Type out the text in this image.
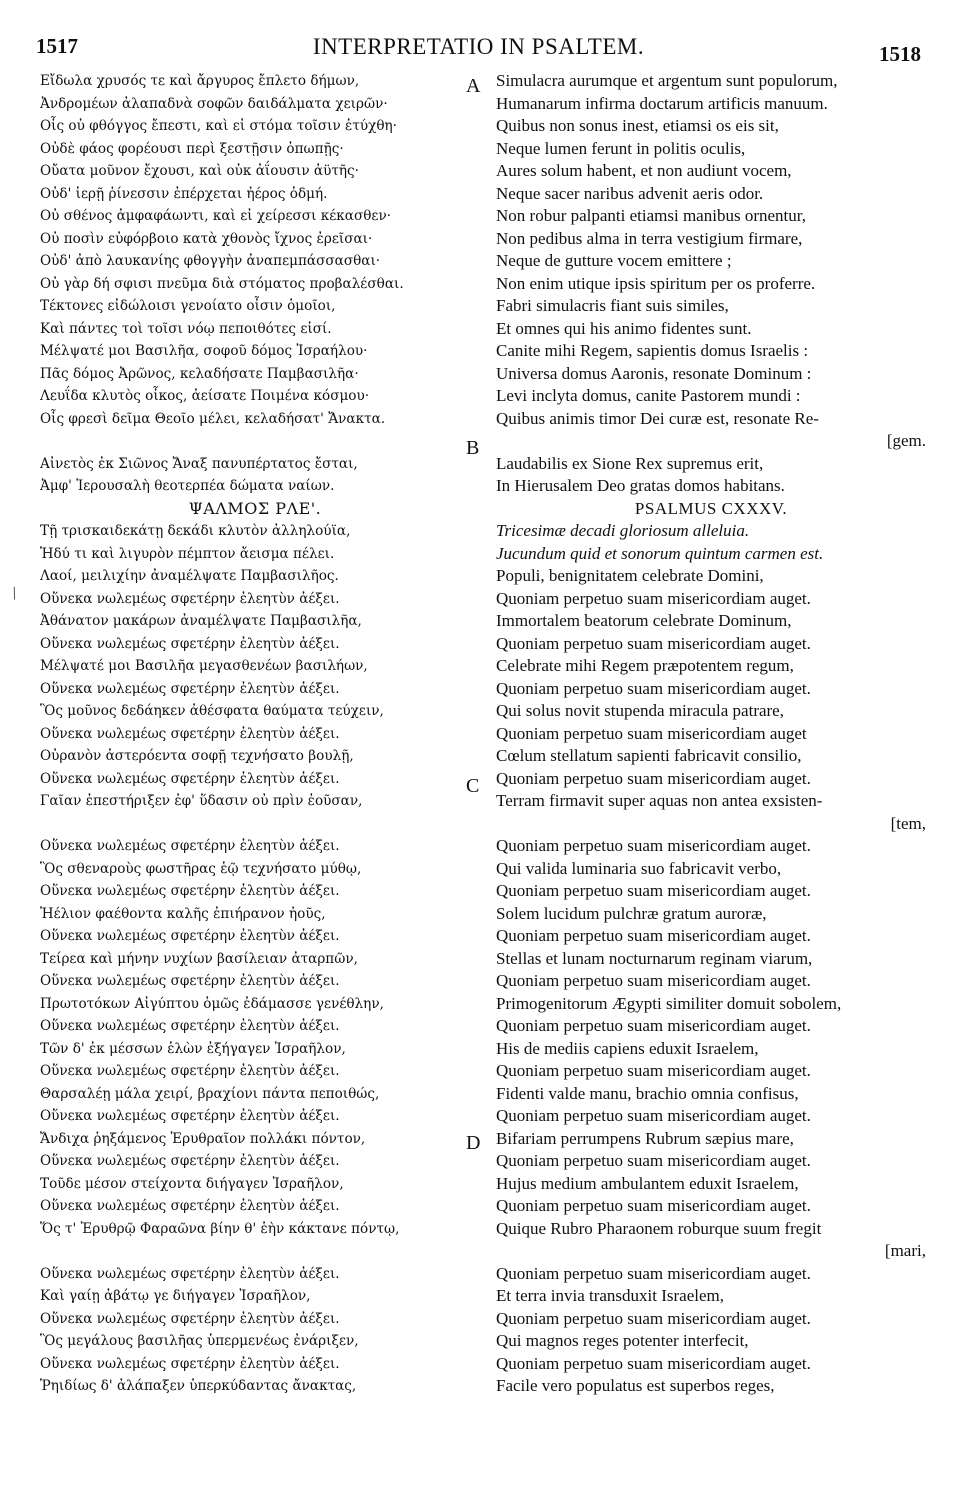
1517	INTERPRETATIO IN PSALTEM.	1518
/
A
B
C
D
Εἴδωλα χρυσός τε καὶ ἄργυρος ἔπλετο δήμων,
Ἀνδρομέων ἀλαπαδνὰ σοφῶν δαιδάλματα χειρῶν·
Οἷς οὐ φθόγγος ἔπεστι, καὶ εἰ στόμα τοῖσιν ἐτύχθη·
Οὐδὲ φάος φορέουσι περὶ ξεστῇσιν ὀπωπῇς·
Οὔατα μοῦνον ἔχουσι, καὶ οὐκ ἀΐουσιν ἀϋτῆς·
Οὐδ' ἱερῇ ῥίνεσσιν ἐπέρχεται ἠέρος ὀδμή.
Οὐ σθένος ἀμφαφάωντι, καὶ εἰ χείρεσσι κέκασθεν·
Οὐ ποσὶν εὐφόρβοιο κατὰ χθονὸς ἴχνος ἐρεῖσαι·
Οὐδ' ἀπὸ λαυκανίης φθογγὴν ἀναπεμπάσσασθαι·
Οὐ γὰρ δή σφισι πνεῦμα διὰ στόματος προβαλέσθαι.
Τέκτονες εἰδώλοισι γενοίατο οἶσιν ὁμοῖοι,
Καὶ πάντες τοὶ τοῖσι νόῳ πεποιθότες εἰσί.
Μέλψατέ μοι Βασιλῆα, σοφοῦ δόμος Ἰσραήλου·
Πᾶς δόμος Ἀρῶνος, κελαδήσατε Παμβασιλῆα·
Λευΐδα κλυτὸς οἶκος, ἀείσατε Ποιμένα κόσμου·
Οἷς φρεσὶ δεῖμα Θεοῖο μέλει, κελαδήσατ' Ἄνακτα.
Αἰνετὸς ἐκ Σιῶνος Ἄναξ πανυπέρτατος ἔσται,
Ἀμφ' Ἱερουσαλὴ θεοτερπέα δώματα ναίων.
ΨΑΛΜΟΣ ΡΛΕ'.
Τῇ τρισκαιδεκάτῃ δεκάδι κλυτὸν ἀλληλούϊα,
Ἡδύ τι καὶ λιγυρὸν πέμπτον ἄεισμα πέλει.
Λαοί, μειλιχίην ἀναμέλψατε Παμβασιλῆος.
Οὕνεκα νωλεμέως σφετέρην ἐλεητὺν ἀέξει.
Ἀθάνατον μακάρων ἀναμέλψατε Παμβασιλῆα,
Οὕνεκα νωλεμέως σφετέρην ἐλεητὺν ἀέξει.
Μέλψατέ μοι Βασιλῆα μεγασθενέων βασιλήων,
Οὕνεκα νωλεμέως σφετέρην ἐλεητὺν ἀέξει.
Ὃς μοῦνος δεδάηκεν ἀθέσφατα θαύματα τεύχειν,
Οὕνεκα νωλεμέως σφετέρην ἐλεητὺν ἀέξει.
Οὐρανὸν ἀστερόεντα σοφῇ τεχνήσατο βουλῇ,
Οὕνεκα νωλεμέως σφετέρην ἐλεητὺν ἀέξει.
Γαῖαν ἐπεστήριξεν ἐφ' ὕδασιν οὐ πρὶν ἐοῦσαν,
Οὕνεκα νωλεμέως σφετέρην ἐλεητὺν ἀέξει.
Ὃς σθεναροὺς φωστῆρας ἑῷ τεχνήσατο μύθῳ,
Οὕνεκα νωλεμέως σφετέρην ἐλεητὺν ἀέξει.
Ἠέλιον φαέθοντα καλῆς ἐπιήρανον ἠοῦς,
Οὕνεκα νωλεμέως σφετέρην ἐλεητὺν ἀέξει.
Τείρεα καὶ μήνην νυχίων βασίλειαν ἀταρπῶν,
Οὕνεκα νωλεμέως σφετέρην ἐλεητὺν ἀέξει.
Πρωτοτόκων Αἰγύπτου ὁμῶς ἐδάμασσε γενέθλην,
Οὕνεκα νωλεμέως σφετέρην ἐλεητὺν ἀέξει.
Τῶν δ' ἐκ μέσσων ἑλὼν ἐξήγαγεν Ἰσραῆλον,
Οὕνεκα νωλεμέως σφετέρην ἐλεητὺν ἀέξει.
Θαρσαλέῃ μάλα χειρί, βραχίονι πάντα πεποιθώς,
Οὕνεκα νωλεμέως σφετέρην ἐλεητὺν ἀέξει.
Ἄνδιχα ῥηξάμενος Ἐρυθραῖον πολλάκι πόντον,
Οὕνεκα νωλεμέως σφετέρην ἐλεητὺν ἀέξει.
Τοῦδε μέσον στείχοντα διήγαγεν Ἰσραῆλον,
Οὕνεκα νωλεμέως σφετέρην ἐλεητὺν ἀέξει.
Ὅς τ' Ἐρυθρῷ Φαραῶνα βίην θ' ἑὴν κάκτανε πόντῳ,
Οὕνεκα νωλεμέως σφετέρην ἐλεητὺν ἀέξει.
Καὶ γαίῃ ἀβάτῳ γε διήγαγεν Ἰσραῆλον,
Οὕνεκα νωλεμέως σφετέρην ἐλεητὺν ἀέξει.
Ὃς μεγάλους βασιλῆας ὑπερμενέως ἐνάριξεν,
Οὕνεκα νωλεμέως σφετέρην ἐλεητὺν ἀέξει.
Ῥηιδίως δ' ἀλάπαξεν ὑπερκύδαντας ἄνακτας,
Simulacra aurumque et argentum sunt populorum,
Humanarum infirma doctarum artificis manuum.
Quibus non sonus inest, etiamsi os eis sit,
Neque lumen ferunt in politis oculis,
Aures solum habent, et non audiunt vocem,
Neque sacer naribus advenit aeris odor.
Non robur palpanti etiamsi manibus ornentur,
Non pedibus alma in terra vestigium firmare,
Neque de gutture vocem emittere ;
Non enim utique ipsis spiritum per os proferre.
Fabri simulacris fiant suis similes,
Et omnes qui his animo fidentes sunt.
Canite mihi Regem, sapientis domus Israelis :
Universa domus Aaronis, resonate Dominum :
Levi inclyta domus, canite Pastorem mundi :
Quibus animis timor Dei curæ est, resonate Re-
[gem.
Laudabilis ex Sione Rex supremus erit,
In Hierusalem Deo gratas domos habitans.
PSALMUS CXXXV.
Tricesimæ decadi gloriosum alleluia.
Jucundum quid et sonorum quintum carmen est.
Populi, benignitatem celebrate Domini,
Quoniam perpetuo suam misericordiam auget.
Immortalem beatorum celebrate Dominum,
Quoniam perpetuo suam misericordiam auget.
Celebrate mihi Regem præpotentem regum,
Quoniam perpetuo suam misericordiam auget.
Qui solus novit stupenda miracula patrare,
Quoniam perpetuo suam misericordiam auget
Cœlum stellatum sapienti fabricavit consilio,
Quoniam perpetuo suam misericordiam auget.
Terram firmavit super aquas non antea exsisten-
[tem,
Quoniam perpetuo suam misericordiam auget.
Qui valida luminaria suo fabricavit verbo,
Quoniam perpetuo suam misericordiam auget.
Solem lucidum pulchræ gratum auroræ,
Quoniam perpetuo suam misericordiam auget.
Stellas et lunam nocturnarum reginam viarum,
Quoniam perpetuo suam misericordiam auget.
Primogenitorum Ægypti similiter domuit sobolem,
Quoniam perpetuo suam misericordiam auget.
His de mediis capiens eduxit Israelem,
Quoniam perpetuo suam misericordiam auget.
Fidenti valde manu, brachio omnia confisus,
Quoniam perpetuo suam misericordiam auget.
Bifariam perrumpens Rubrum sæpius mare,
Quoniam perpetuo suam misericordiam auget.
Hujus medium ambulantem eduxit Israelem,
Quoniam perpetuo suam misericordiam auget.
Quique Rubro Pharaonem roburque suum fregit
[mari,
Quoniam perpetuo suam misericordiam auget.
Et terra invia transduxit Israelem,
Quoniam perpetuo suam misericordiam auget.
Qui magnos reges potenter interfecit,
Quoniam perpetuo suam misericordiam auget.
Facile vero populatus est superbos reges,
